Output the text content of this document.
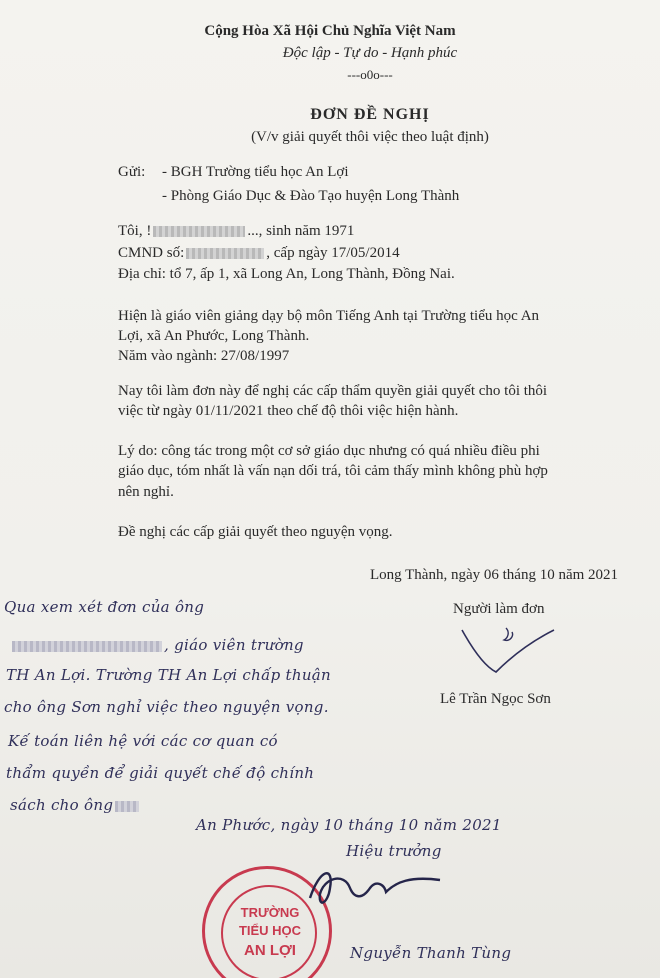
Cộng Hòa Xã Hội Chủ Nghĩa Việt Nam
Độc lập - Tự do - Hạnh phúc
---o0o---
ĐƠN ĐỀ NGHỊ
(V/v giải quyết thôi việc theo luật định)
Gửi: - BGH Trường tiểu học An Lợi
- Phòng Giáo Dục & Đào Tạo huyện Long Thành
Tôi, !	..., sinh năm 1971
CMND số:	, cấp ngày 17/05/2014
Địa chỉ: tổ 7, ấp 1, xã Long An, Long Thành, Đồng Nai.
Hiện là giáo viên giảng dạy bộ môn Tiếng Anh tại Trường tiểu học An
Lợi, xã An Phước, Long Thành.
Năm vào ngành: 27/08/1997
Nay tôi làm đơn này để nghị các cấp thẩm quyền giải quyết cho tôi thôi
việc từ ngày 01/11/2021 theo chế độ thôi việc hiện hành.
Lý do: công tác trong một cơ sở giáo dục nhưng có quá nhiều điều phi
giáo dục, tóm nhất là vấn nạn dối trá, tôi cảm thấy mình không phù hợp
nên nghỉ.
Đề nghị các cấp giải quyết theo nguyện vọng.
Long Thành, ngày 06 tháng 10 năm 2021
Người làm đơn
Lê Trần Ngọc Sơn
Qua xem xét đơn của ông
, giáo viên trường
TH An Lợi. Trường TH An Lợi chấp thuận
cho ông Sơn nghỉ việc theo nguyện vọng.
Kế toán liên hệ với các cơ quan có
thẩm quyền để giải quyết chế độ chính
sách cho ông
An Phước, ngày 10 tháng 10 năm 2021
Hiệu trưởng
TRƯỜNG
TIỂU HỌC
AN LỢI	Nguyễn Thanh Tùng
